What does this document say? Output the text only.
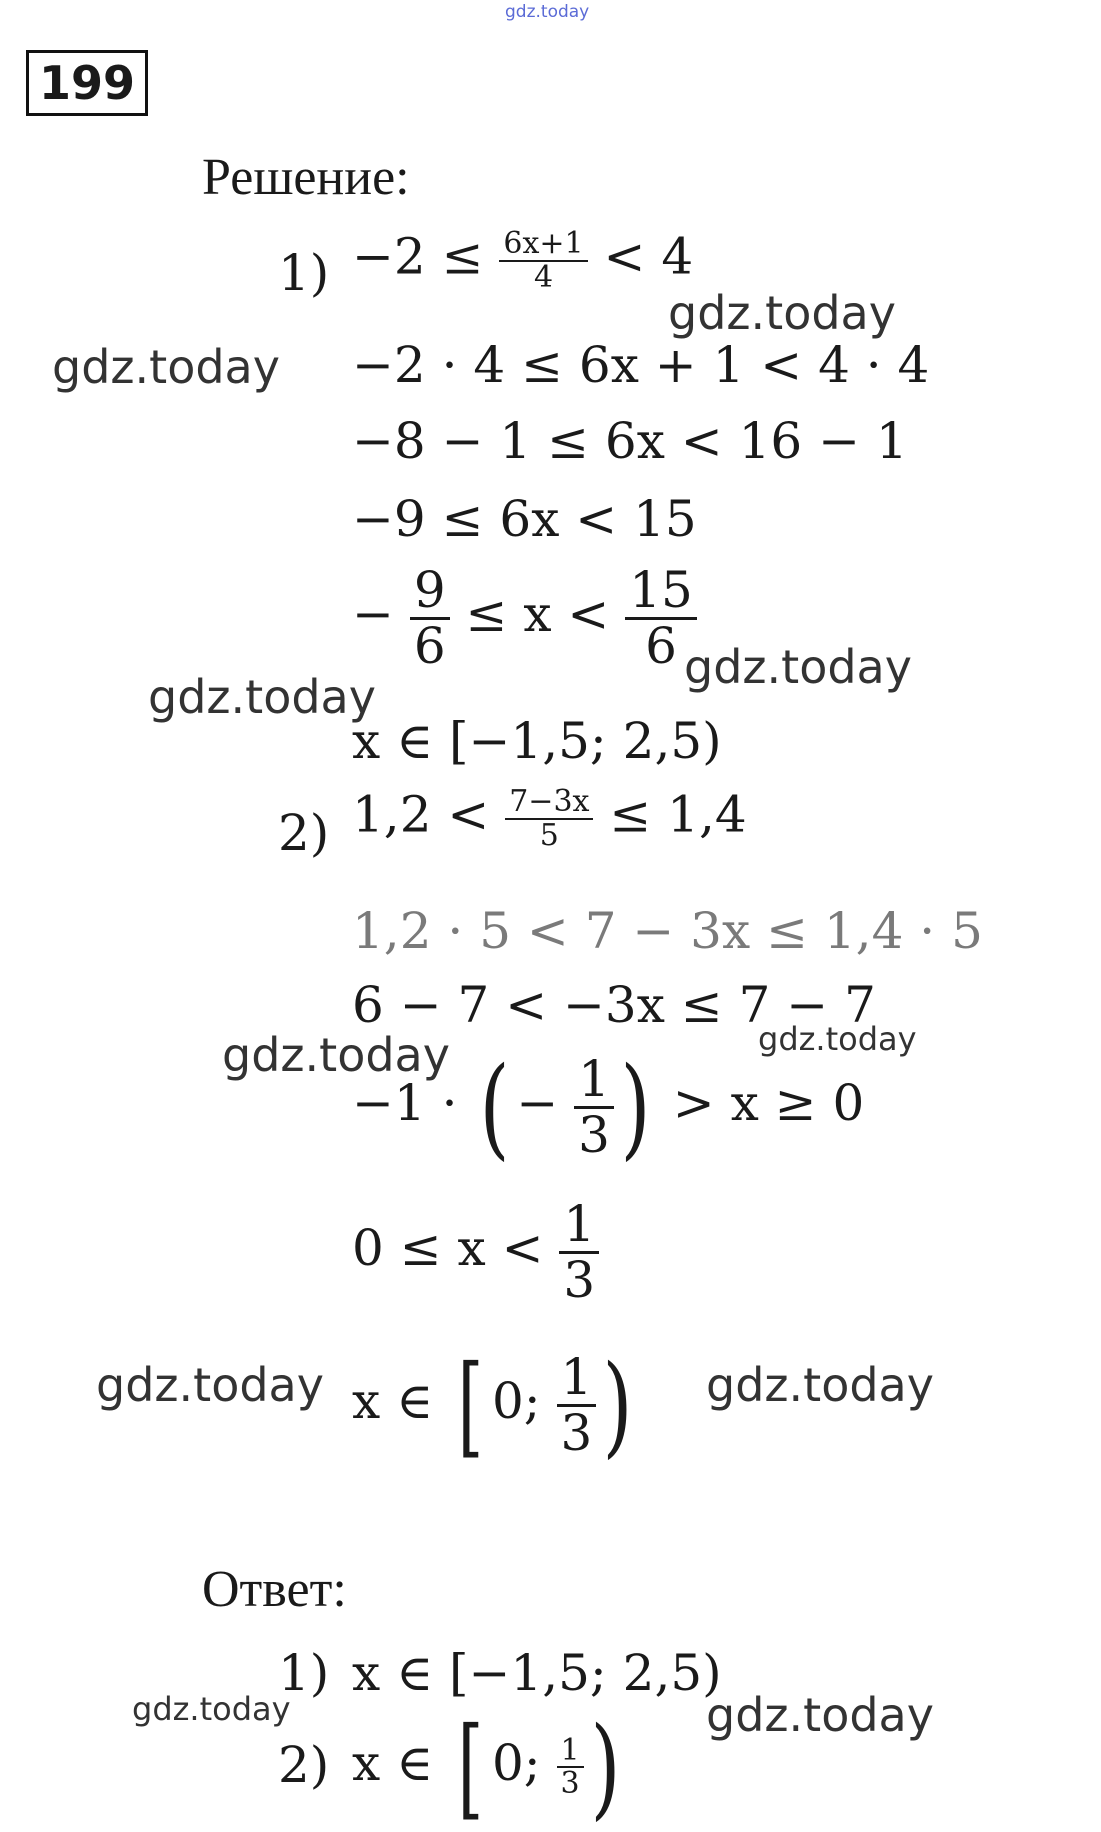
gdz.today
199
Решение:
$1) -2 \le \frac{6x+1}{4} < 4$
−2 · 4 ≤ 6x + 1 < 4 · 4
−8 − 1 ≤ 6x < 16 − 1
−9 ≤ 6x < 15
− $\frac{9}{6} \le x < \frac{15}{6}$
x ∈ [−1,5; 2,5)
2) $1,2 < \frac{7-3x}{5} \le 1,4$
1,2 · 5 < 7 − 3x ≤ 1,4 · 5
6 − 7 < −3x ≤ 7 − 7
−1 · ( − $\frac{1}{3}$ ) > x ≥ 0
$0 \le x < \frac{1}{3}$
x ∈ [ 0; $\frac{1}{3}$ )
Ответ:
1) x ∈ [−1,5; 2,5)
2) x ∈ [ 0; $\frac{1}{3}$ )
gdz.today
gdz.today
gdz.today
gdz.today
gdz.today	gdz.today
gdz.today	gdz.today
gdz.today	gdz.today
